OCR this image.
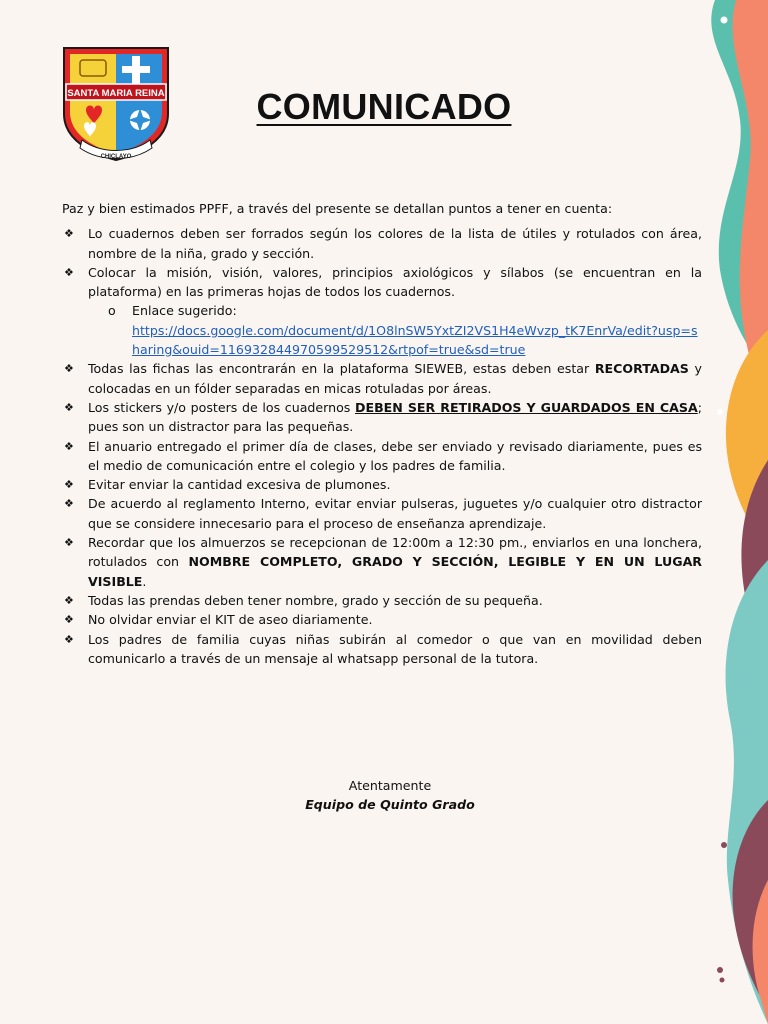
SANTA MARIA REINA
CHICLAYO
COMUNICADO

Paz y bien estimados PPFF, a través del presente se detallan puntos a tener en cuenta:

❖ Lo cuadernos deben ser forrados según los colores de la lista de útiles y rotulados con área, nombre de la niña, grado y sección.
❖ Colocar la misión, visión, valores, principios axiológicos y sílabos (se encuentran en la plataforma) en las primeras hojas de todos los cuadernos.
o Enlace sugerido:
https://docs.google.com/document/d/1O8lnSW5YxtZI2VS1H4eWvzp_tK7EnrVa/edit?usp=sharing&ouid=116932844970599529512&rtpof=true&sd=true
❖ Todas las fichas las encontrarán en la plataforma SIEWEB, estas deben estar RECORTADAS y colocadas en un fólder separadas en micas rotuladas por áreas.
❖ Los stickers y/o posters de los cuadernos DEBEN SER RETIRADOS Y GUARDADOS EN CASA; pues son un distractor para las pequeñas.
❖ El anuario entregado el primer día de clases, debe ser enviado y revisado diariamente, pues es el medio de comunicación entre el colegio y los padres de familia.
❖ Evitar enviar la cantidad excesiva de plumones.
❖ De acuerdo al reglamento Interno, evitar enviar pulseras, juguetes y/o cualquier otro distractor que se considere innecesario para el proceso de enseñanza aprendizaje.
❖ Recordar que los almuerzos se recepcionan de 12:00m a 12:30 pm., enviarlos en una lonchera, rotulados con NOMBRE COMPLETO, GRADO Y SECCIÓN, LEGIBLE Y EN UN LUGAR VISIBLE.
❖ Todas las prendas deben tener nombre, grado y sección de su pequeña.
❖ No olvidar enviar el KIT de aseo diariamente.
❖ Los padres de familia cuyas niñas subirán al comedor o que van en movilidad deben comunicarlo a través de un mensaje al whatsapp personal de la tutora.
Atentamente
Equipo de Quinto Grado
